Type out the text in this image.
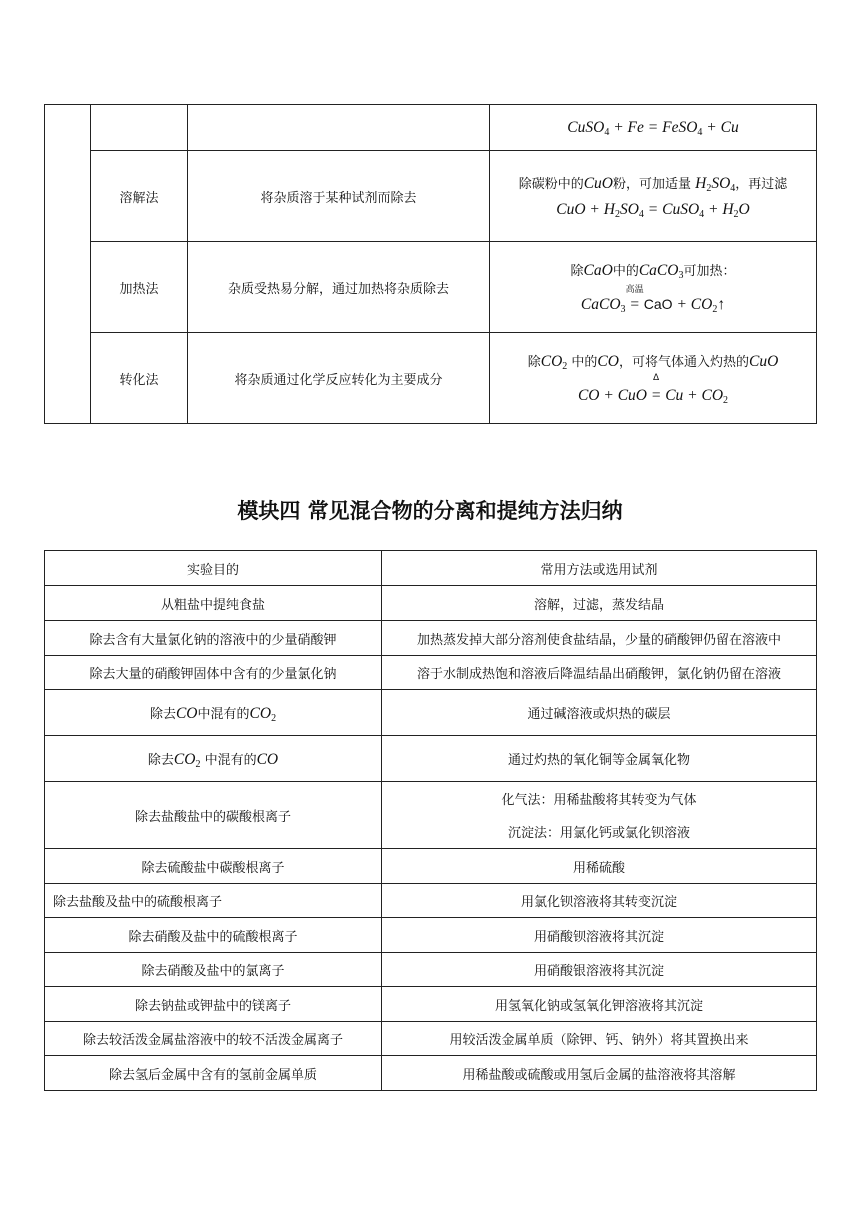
			CuSO$_4$ + Fe = FeSO$_4$ + Cu
	溶解法	将杂质溶于某种试剂而除去	除碳粉中的CuO粉，可加适量 $H_2SO_4$，再过滤
CuO + $H_2SO_4$ = CuSO$_4$ + $H_2O$

	加热法	杂质受热易分解，通过加热将杂质除去	除CaO中的CaCO$_3$可加热：
CaCO$_3$
高温
= CaO + $CO_2↑$

	转化法	将杂质通过化学反应转化为主要成分	除$CO_2$ 中的CO，可将气体通入灼热的CuO
CO + CuO
Δ
= $Cu + CO_2$
模块四 常见混合物的分离和提纯方法归纳
实验目的	常用方法或选用试剂
从粗盐中提纯食盐	溶解，过滤，蒸发结晶
除去含有大量氯化钠的溶液中的少量硝酸钾	加热蒸发掉大部分溶剂使食盐结晶，少量的硝酸钾仍留在溶液中
除去大量的硝酸钾固体中含有的少量氯化钠	溶于水制成热饱和溶液后降温结晶出硝酸钾，氯化钠仍留在溶液
除去CO中混有的$CO_2$	通过碱溶液或炽热的碳层
除去$CO_2$ 中混有的CO	通过灼热的氧化铜等金属氧化物
除去盐酸盐中的碳酸根离子	化气法：用稀盐酸将其转变为气体
沉淀法：用氯化钙或氯化钡溶液

除去硫酸盐中碳酸根离子	用稀硫酸
除去盐酸及盐中的硫酸根离子	用氯化钡溶液将其转变沉淀
除去硝酸及盐中的硫酸根离子	用硝酸钡溶液将其沉淀
除去硝酸及盐中的氯离子	用硝酸银溶液将其沉淀
除去钠盐或钾盐中的镁离子	用氢氧化钠或氢氧化钾溶液将其沉淀
除去较活泼金属盐溶液中的较不活泼金属离子	用较活泼金属单质（除钾、钙、钠外）将其置换出来
除去氢后金属中含有的氢前金属单质	用稀盐酸或硫酸或用氢后金属的盐溶液将其溶解
